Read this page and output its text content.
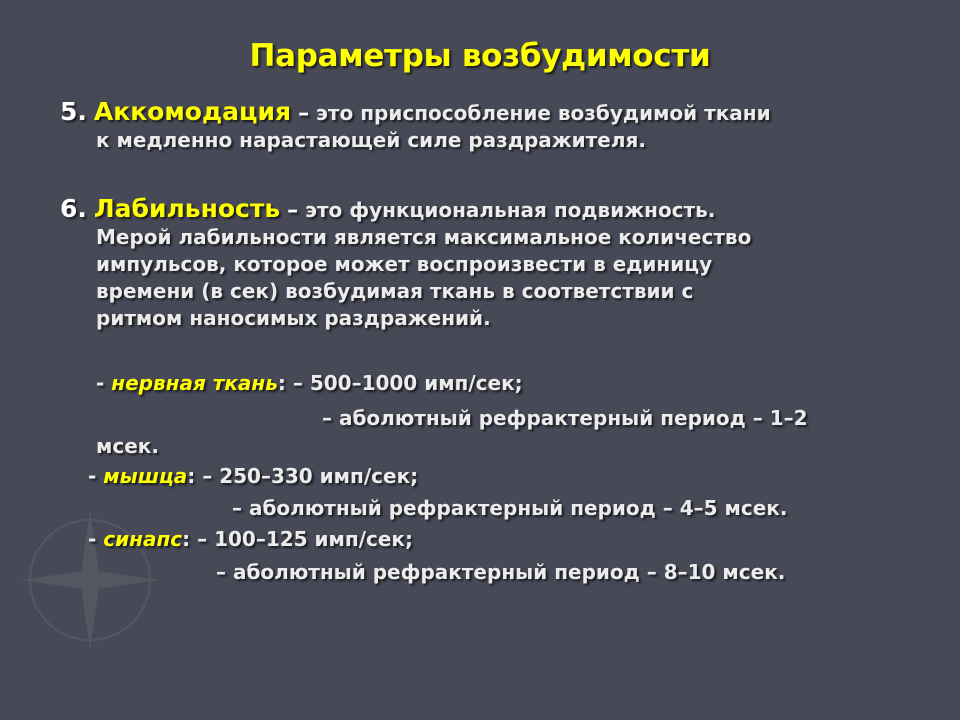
Параметры возбудимости
5. Аккомодация – это приспособление возбудимой ткани
к медленно нарастающей силе раздражителя.
6. Лабильность – это функциональная подвижность.
Мерой лабильности является максимальное количество
импульсов, которое может воспроизвести в единицу
времени (в сек) возбудимая ткань в соответствии с
ритмом наносимых раздражений.
- нервная ткань: – 500–1000 имп/сек;
– аболютный рефрактерный период – 1–2
мсек.
- мышца: – 250–330 имп/сек;
– аболютный рефрактерный период – 4–5 мсек.
- синапс: – 100–125 имп/сек;
– аболютный рефрактерный период – 8–10 мсек.
